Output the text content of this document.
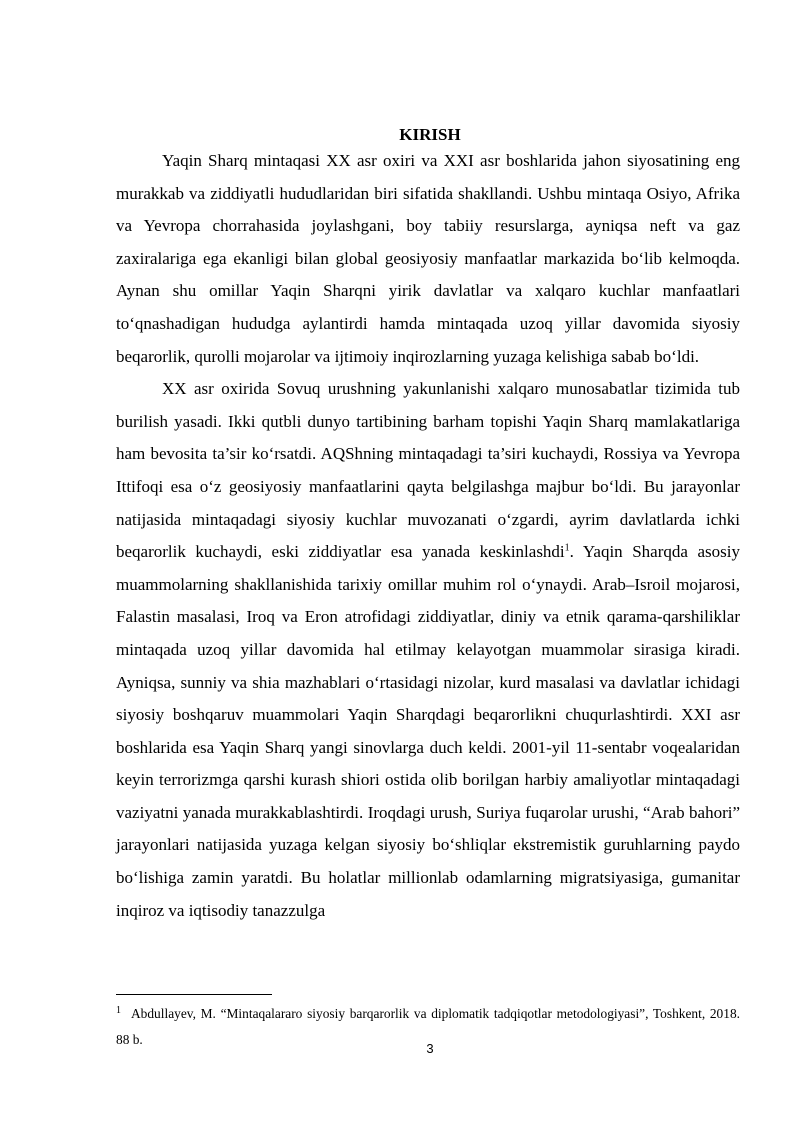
KIRISH

Yaqin Sharq mintaqasi XX asr oxiri va XXI asr boshlarida jahon siyosatining eng murakkab va ziddiyatli hududlaridan biri sifatida shakllandi. Ushbu mintaqa Osiyo, Afrika va Yevropa chorrahasida joylashgani, boy tabiiy resurslarga, ayniqsa neft va gaz zaxiralariga ega ekanligi bilan global geosiyosiy manfaatlar markazida bo‘lib kelmoqda. Aynan shu omillar Yaqin Sharqni yirik davlatlar va xalqaro kuchlar manfaatlari to‘qnashadigan hududga aylantirdi hamda mintaqada uzoq yillar davomida siyosiy beqarorlik, qurolli mojarolar va ijtimoiy inqirozlarning yuzaga kelishiga sabab bo‘ldi.

XX asr oxirida Sovuq urushning yakunlanishi xalqaro munosabatlar tizimida tub burilish yasadi. Ikki qutbli dunyo tartibining barham topishi Yaqin Sharq mamlakatlariga ham bevosita ta’sir ko‘rsatdi. AQShning mintaqadagi ta’siri kuchaydi, Rossiya va Yevropa Ittifoqi esa o‘z geosiyosiy manfaatlarini qayta belgilashga majbur bo‘ldi. Bu jarayonlar natijasida mintaqadagi siyosiy kuchlar muvozanati o‘zgardi, ayrim davlatlarda ichki beqarorlik kuchaydi, eski ziddiyatlar esa yanada keskinlashdi$^1$. Yaqin Sharqda asosiy muammolarning shakllanishida tarixiy omillar muhim rol o‘ynaydi. Arab–Isroil mojarosi, Falastin masalasi, Iroq va Eron atrofidagi ziddiyatlar, diniy va etnik qarama-qarshiliklar mintaqada uzoq yillar davomida hal etilmay kelayotgan muammolar sirasiga kiradi. Ayniqsa, sunniy va shia mazhablari o‘rtasidagi nizolar, kurd masalasi va davlatlar ichidagi siyosiy boshqaruv muammolari Yaqin Sharqdagi beqarorlikni chuqurlashtirdi. XXI asr boshlarida esa Yaqin Sharq yangi sinovlarga duch keldi. 2001-yil 11-sentabr voqealaridan keyin terrorizmga qarshi kurash shiori ostida olib borilgan harbiy amaliyotlar mintaqadagi vaziyatni yanada murakkablashtirdi. Iroqdagi urush, Suriya fuqarolar urushi, “Arab bahori” jarayonlari natijasida yuzaga kelgan siyosiy bo‘shliqlar ekstremistik guruhlarning paydo bo‘lishiga zamin yaratdi. Bu holatlar millionlab odamlarning migratsiyasiga, gumanitar inqiroz va iqtisodiy tanazzulga

$^1$ Abdullayev, M. “Mintaqalararo siyosiy barqarorlik va diplomatik tadqiqotlar metodologiyasi”, Toshkent, 2018. 88 b.
3
